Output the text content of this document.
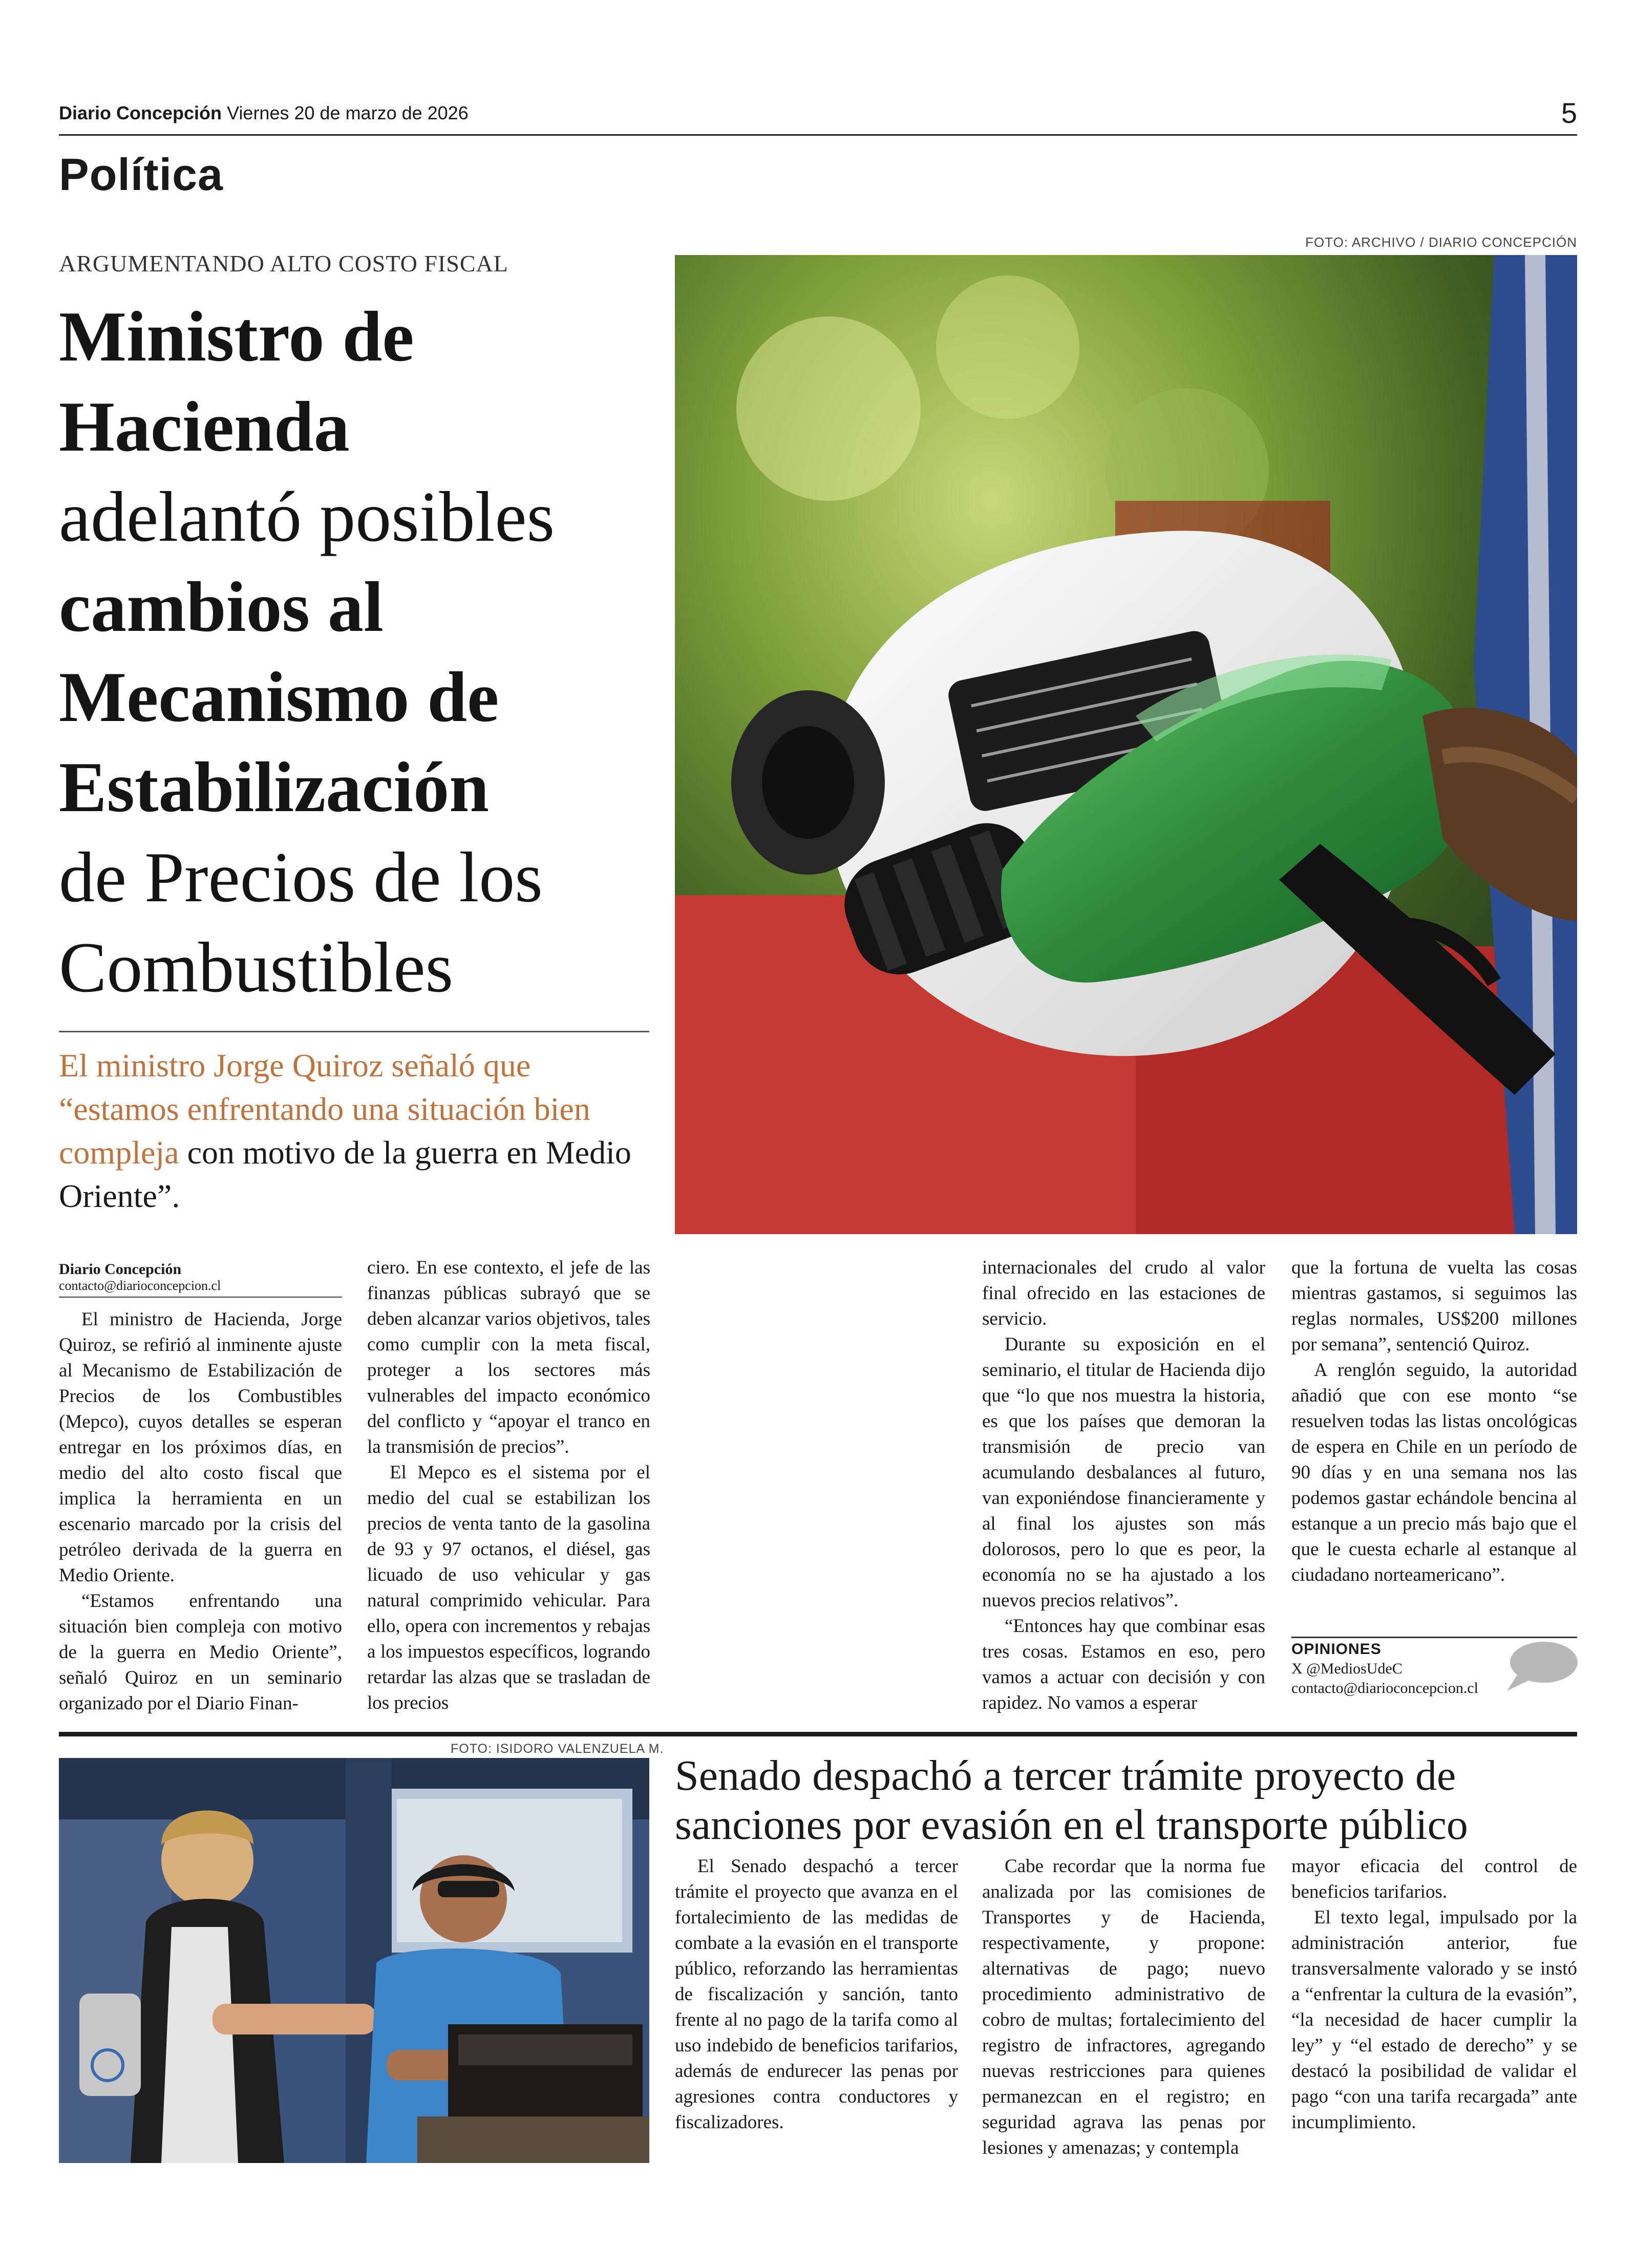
Diario Concepción Viernes 20 de marzo de 2026	5
Política
ARGUMENTANDO ALTO COSTO FISCAL
Ministro de
Hacienda
adelantó posibles
cambios al
Mecanismo de
Estabilización
de Precios de los
Combustibles
El ministro Jorge Quiroz señaló que “estamos enfrentando una situación bien compleja con motivo de la guerra en Medio Oriente”.
FOTO: ARCHIVO / DIARIO CONCEPCIÓN
Diario Concepción
contacto@diarioconcepcion.cl

El ministro de Hacienda, Jorge Quiroz, se refirió al inminente ajuste al Mecanismo de Estabilización de Precios de los Combustibles (Mepco), cuyos detalles se esperan entregar en los próximos días, en medio del alto costo fiscal que implica la herramienta en un escenario marcado por la crisis del petróleo derivada de la guerra en Medio Oriente.

“Estamos enfrentando una situación bien compleja con motivo de la guerra en Medio Oriente”, señaló Quiroz en un seminario organizado por el Diario Finan-

ciero. En ese contexto, el jefe de las finanzas públicas subrayó que se deben alcanzar varios objetivos, tales como cumplir con la meta fiscal, proteger a los sectores más vulnerables del impacto económico del conflicto y “apoyar el tranco en la transmisión de precios”.

El Mepco es el sistema por el medio del cual se estabilizan los precios de venta tanto de la gasolina de 93 y 97 octanos, el diésel, gas licuado de uso vehicular y gas natural comprimido vehicular. Para ello, opera con incrementos y rebajas a los impuestos específicos, logrando retardar las alzas que se trasladan de los precios

internacionales del crudo al valor final ofrecido en las estaciones de servicio.

Durante su exposición en el seminario, el titular de Hacienda dijo que “lo que nos muestra la historia, es que los países que demoran la transmisión de precio van acumulando desbalances al futuro, van exponiéndose financieramente y al final los ajustes son más dolorosos, pero lo que es peor, la economía no se ha ajustado a los nuevos precios relativos”.

“Entonces hay que combinar esas tres cosas. Estamos en eso, pero vamos a actuar con decisión y con rapidez. No vamos a esperar

que la fortuna de vuelta las cosas mientras gastamos, si seguimos las reglas normales, US$200 millones por semana”, sentenció Quiroz.

A renglón seguido, la autoridad añadió que con ese monto “se resuelven todas las listas oncológicas de espera en Chile en un período de 90 días y en una semana nos las podemos gastar echándole bencina al estanque a un precio más bajo que el que le cuesta echarle al estanque al ciudadano norteamericano”.

OPINIONES
X @MediosUdeC
contacto@diarioconcepcion.cl
FOTO: ISIDORO VALENZUELA M.
Senado despachó a tercer trámite proyecto de sanciones por evasión en el transporte público

El Senado despachó a tercer trámite el proyecto que avanza en el fortalecimiento de las medidas de combate a la evasión en el transporte público, reforzando las herramientas de fiscalización y sanción, tanto frente al no pago de la tarifa como al uso indebido de beneficios tarifarios, además de endurecer las penas por agresiones contra conductores y fiscalizadores.

Cabe recordar que la norma fue analizada por las comisiones de Transportes y de Hacienda, respectivamente, y propone: alternativas de pago; nuevo procedimiento administrativo de cobro de multas; fortalecimiento del registro de infractores, agregando nuevas restricciones para quienes permanezcan en el registro; en seguridad agrava las penas por lesiones y amenazas; y contempla

mayor eficacia del control de beneficios tarifarios.

El texto legal, impulsado por la administración anterior, fue transversalmente valorado y se instó a “enfrentar la cultura de la evasión”, “la necesidad de hacer cumplir la ley” y “el estado de derecho” y se destacó la posibilidad de validar el pago “con una tarifa recargada” ante incumplimiento.
